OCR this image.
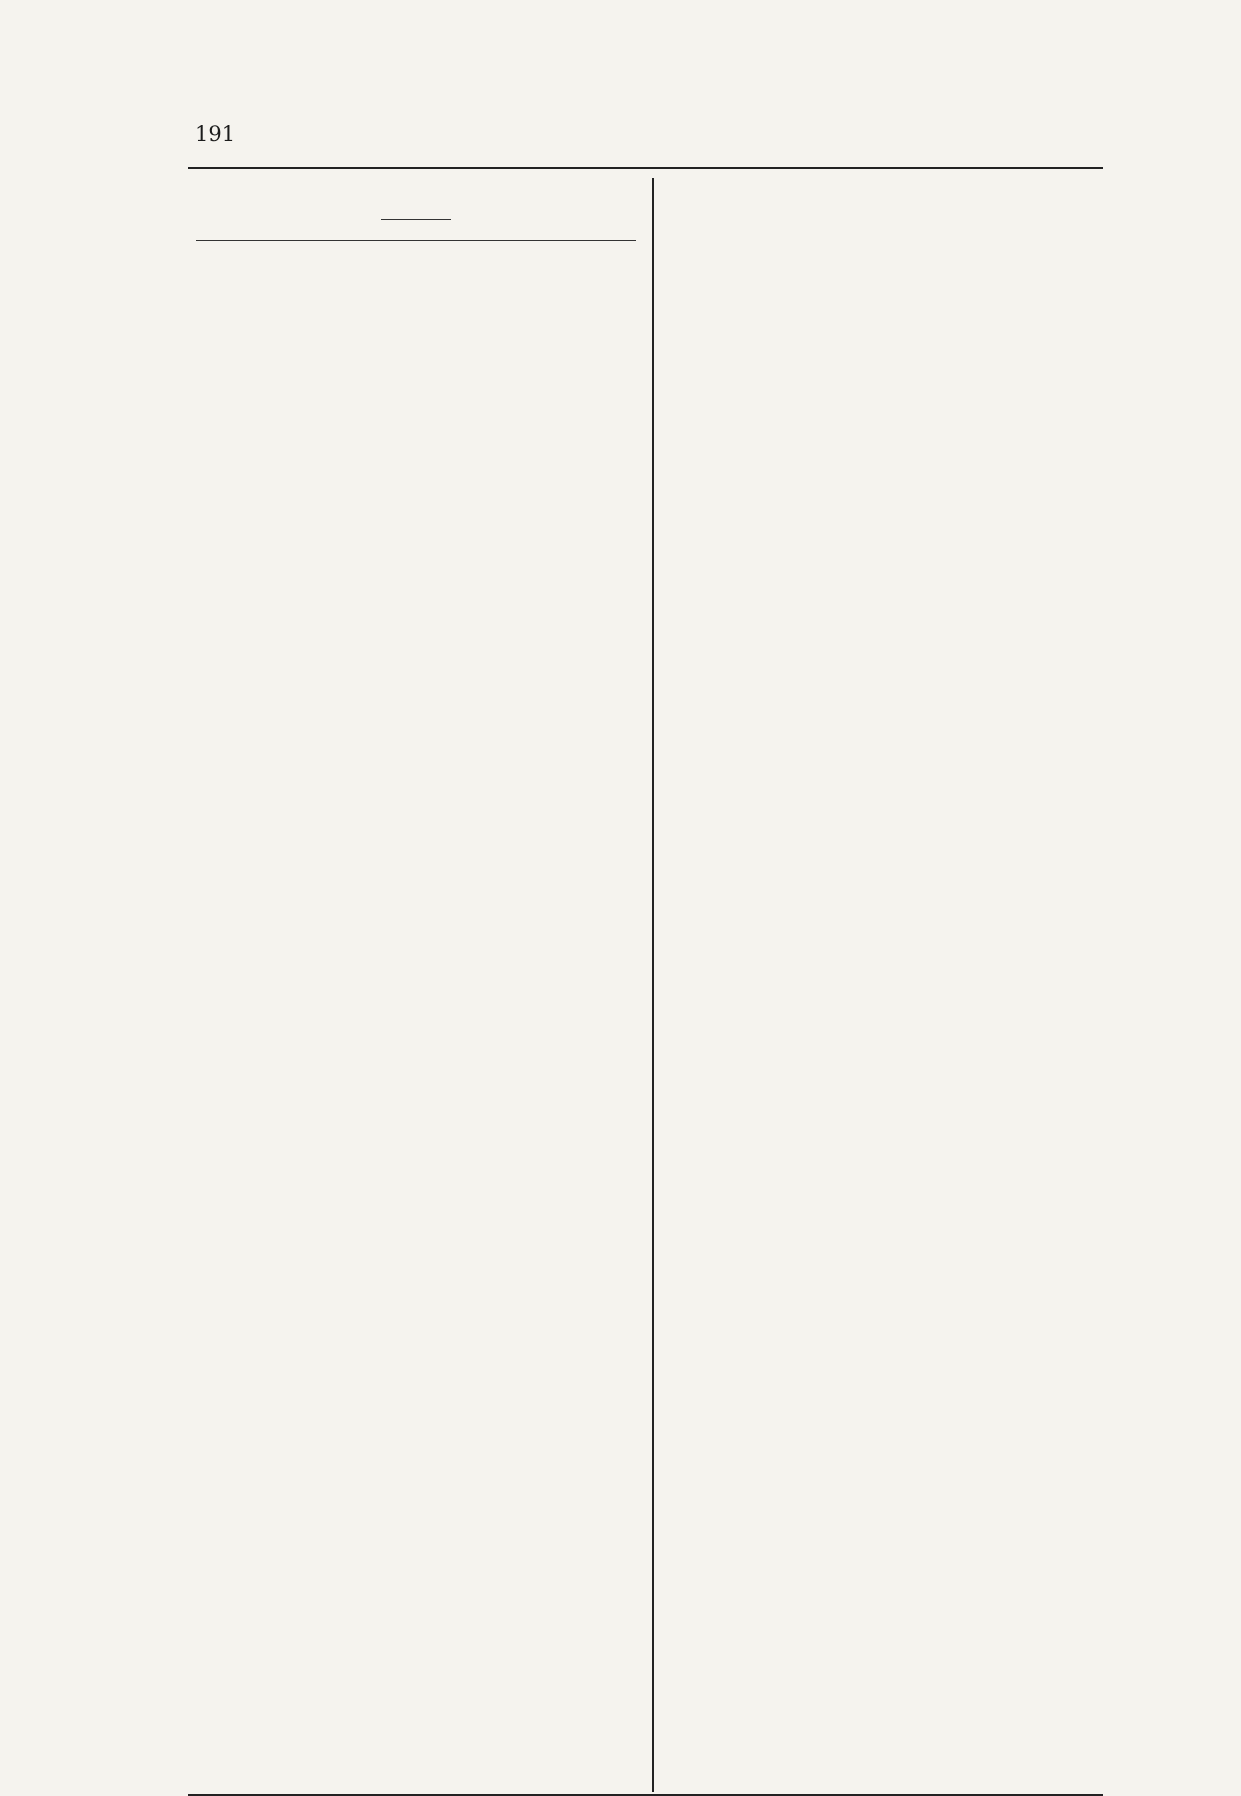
191
